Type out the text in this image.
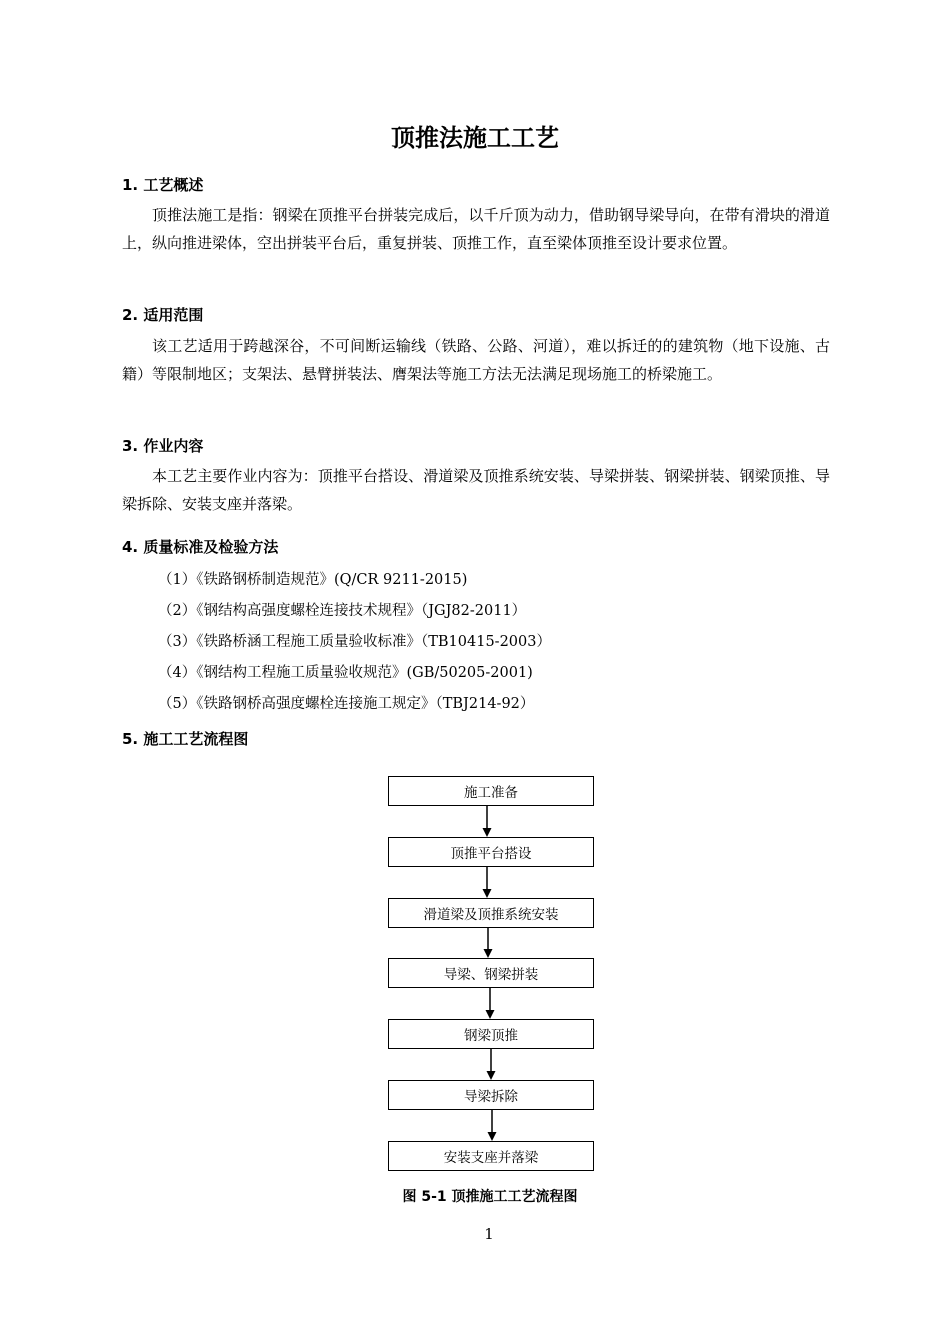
顶推法施工工艺
1. 工艺概述

顶推法施工是指：钢梁在顶推平台拼装完成后，以千斤顶为动力，借助钢导梁导向，在带有滑块的滑道上，纵向推进梁体，空出拼装平台后，重复拼装、顶推工作，直至梁体顶推至设计要求位置。

2. 适用范围

该工艺适用于跨越深谷，不可间断运输线（铁路、公路、河道），难以拆迁的的建筑物（地下设施、古籍）等限制地区；支架法、悬臂拼装法、膺架法等施工方法无法满足现场施工的桥梁施工。

3. 作业内容

本工艺主要作业内容为：顶推平台搭设、滑道梁及顶推系统安装、导梁拼装、钢梁拼装、钢梁顶推、导梁拆除、安装支座并落梁。

4. 质量标准及检验方法

（1）《铁路钢桥制造规范》(Q/CR 9211-2015)

（2）《钢结构高强度螺栓连接技术规程》（JGJ82-2011）

（3）《铁路桥涵工程施工质量验收标准》（TB10415-2003）

（4）《钢结构工程施工质量验收规范》(GB/50205-2001)

（5）《铁路钢桥高强度螺栓连接施工规定》（TBJ214-92）

5. 施工工艺流程图
施工准备
顶推平台搭设
滑道梁及顶推系统安装
导梁、钢梁拼装
钢梁顶推
导梁拆除
安装支座并落梁

图 5-1 顶推施工工艺流程图

1
